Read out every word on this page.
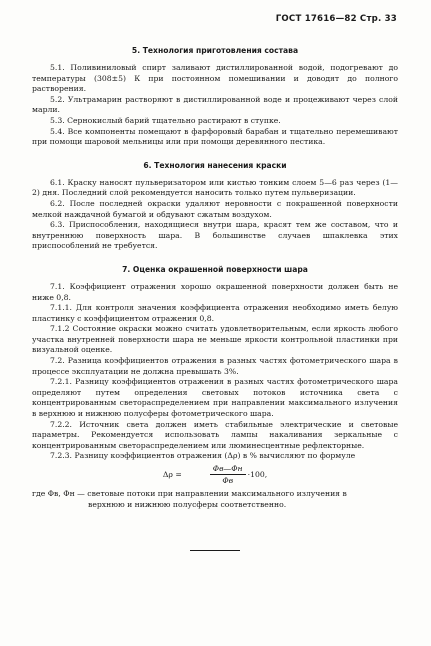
ГОСТ 17616—82 Стр. 33
5. Технология приготовления состава

5.1. Поливиниловый спирт заливают дистиллированной водой, подогревают до температуры (308±5) К при постоянном помешивании и доводят до полного растворения.

5.2. Ультрамарин растворяют в дистиллированной воде и процеживают через слой марли.

5.3. Сернокислый барий тщательно растирают в ступке.

5.4. Все компоненты помещают в фарфоровый барабан и тщательно перемешивают при помощи шаровой мельницы или при помощи деревянного пестика.

6. Технология нанесения краски

6.1. Краску наносят пульверизатором или кистью тонким слоем 5—6 раз через (1—2) дня. Последний слой рекомендуется наносить только путем пульверизации.

6.2. После последней окраски удаляют неровности с покрашенной поверхности мелкой наждачной бумагой и обдувают сжатым воздухом.

6.3. Приспособления, находящиеся внутри шара, красят тем же составом, что и внутреннюю поверхность шара. В большинстве случаев шпаклевка этих приспособлений не требуется.

7. Оценка окрашенной поверхности шара

7.1. Коэффициент отражения хорошо окрашенной поверхности должен быть не ниже 0,8.

7.1.1. Для контроля значения коэффициента отражения необходимо иметь белую пластинку с коэффициентом отражения 0,8.

7.1.2 Состояние окраски можно считать удовлетворительным, если яркость любого участка внутренней поверхности шара не меньше яркости контрольной пластинки при визуальной оценке.

7.2. Разница коэффициентов отражения в разных частях фотометрического шара в процессе эксплуатации не должна превышать 3%.

7.2.1. Разницу коэффициентов отражения в разных частях фотометрического шара определяют путем определения световых потоков источника света с концентрированным светораспределением при направлении максимального излучения в верхнюю и нижнюю полусферы фотометрического шара.

7.2.2. Источник света должен иметь стабильные электрические и световые параметры. Рекомендуется использовать лампы накаливания зеркальные с концентрированным светораспределением или люминесцентные рефлекторные.

7.2.3. Разницу коэффициентов отражения (Δρ) в % вычисляют по формуле

Δρ =	$\frac{\Phi в—\Phi н}{\Phi в} \cdot 100$,

где Φв, Φн — световые потоки при направлении максимального излучения в

верхнюю и нижнюю полусферы соответственно.
